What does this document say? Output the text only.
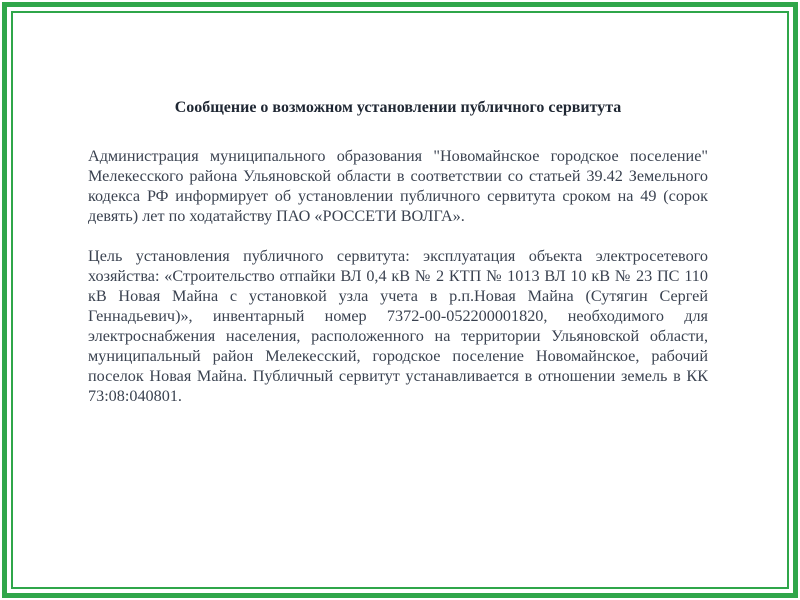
Сообщение о возможном установлении публичного сервитута

Администрация муниципального образования "Новомайнское городское поселение" Мелекесского района Ульяновской области в соответствии со статьей 39.42 Земельного кодекса РФ информирует об установлении публичного сервитута сроком на 49 (сорок девять) лет по ходатайству ПАО «РОССЕТИ ВОЛГА».

Цель установления публичного сервитута: эксплуатация объекта электросетевого хозяйства: «Строительство отпайки ВЛ 0,4 кВ № 2 КТП № 1013 ВЛ 10 кВ № 23 ПС 110 кВ Новая Майна с установкой узла учета в р.п.Новая Майна (Сутягин Сергей Геннадьевич)», инвентарный номер 7372-00-052200001820, необходимого для электроснабжения населения, расположенного на территории Ульяновской области, муниципальный район Мелекесский, городское поселение Новомайнское, рабочий поселок Новая Майна. Публичный сервитут устанавливается в отношении земель в КК 73:08:040801.
